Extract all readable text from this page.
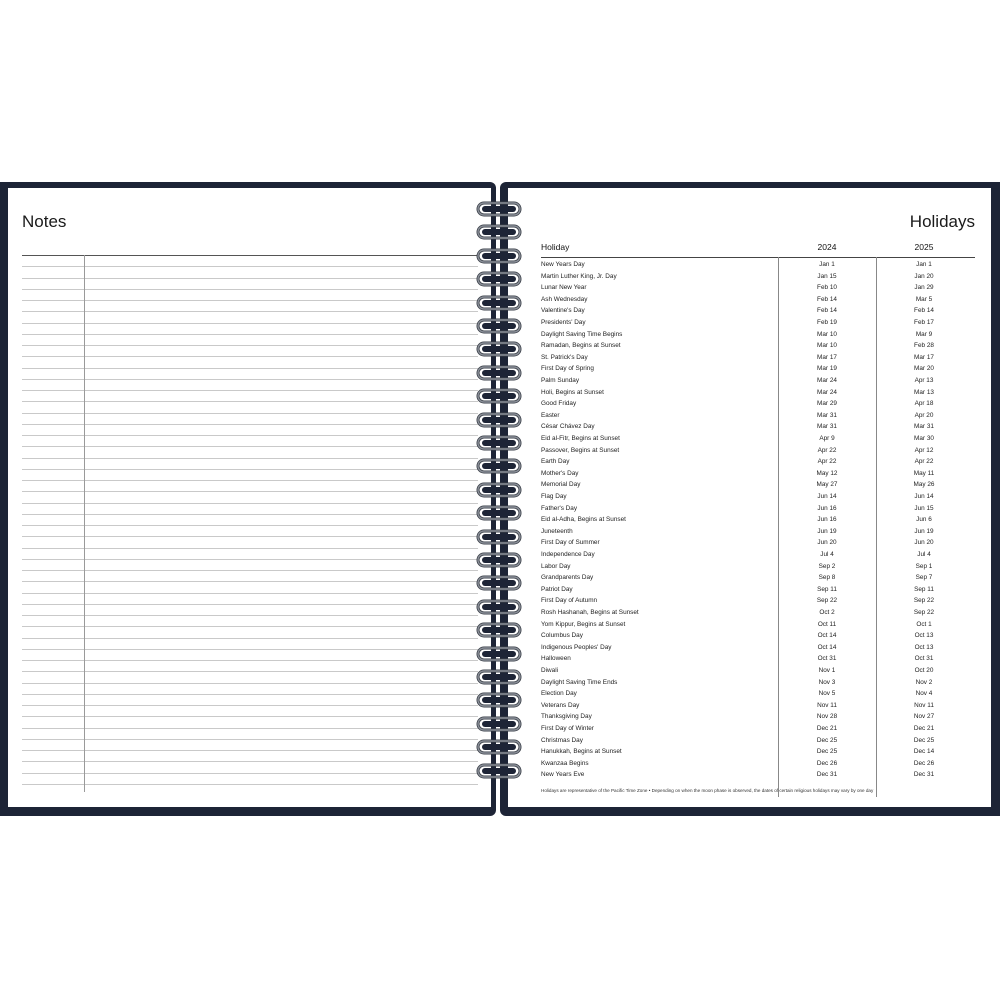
Notes	Holidays
Holiday	2024	2025
New Years Day	Jan 1	Jan 1
Martin Luther King, Jr. Day	Jan 15	Jan 20
Lunar New Year	Feb 10	Jan 29
Ash Wednesday	Feb 14	Mar 5
Valentine's Day	Feb 14	Feb 14
Presidents' Day	Feb 19	Feb 17
Daylight Saving Time Begins	Mar 10	Mar 9
Ramadan, Begins at Sunset	Mar 10	Feb 28
St. Patrick's Day	Mar 17	Mar 17
First Day of Spring	Mar 19	Mar 20
Palm Sunday	Mar 24	Apr 13
Holi, Begins at Sunset	Mar 24	Mar 13
Good Friday	Mar 29	Apr 18
Easter	Mar 31	Apr 20
César Chávez Day	Mar 31	Mar 31
Eid al-Fitr, Begins at Sunset	Apr 9	Mar 30
Passover, Begins at Sunset	Apr 22	Apr 12
Earth Day	Apr 22	Apr 22
Mother's Day	May 12	May 11
Memorial Day	May 27	May 26
Flag Day	Jun 14	Jun 14
Father's Day	Jun 16	Jun 15
Eid al-Adha, Begins at Sunset	Jun 16	Jun 6
Juneteenth	Jun 19	Jun 19
First Day of Summer	Jun 20	Jun 20
Independence Day	Jul 4	Jul 4
Labor Day	Sep 2	Sep 1
Grandparents Day	Sep 8	Sep 7
Patriot Day	Sep 11	Sep 11
First Day of Autumn	Sep 22	Sep 22
Rosh Hashanah, Begins at Sunset	Oct 2	Sep 22
Yom Kippur, Begins at Sunset	Oct 11	Oct 1
Columbus Day	Oct 14	Oct 13
Indigenous Peoples' Day	Oct 14	Oct 13
Halloween	Oct 31	Oct 31
Diwali	Nov 1	Oct 20
Daylight Saving Time Ends	Nov 3	Nov 2
Election Day	Nov 5	Nov 4
Veterans Day	Nov 11	Nov 11
Thanksgiving Day	Nov 28	Nov 27
First Day of Winter	Dec 21	Dec 21
Christmas Day	Dec 25	Dec 25
Hanukkah, Begins at Sunset	Dec 25	Dec 14
Kwanzaa Begins	Dec 26	Dec 26
New Years Eve	Dec 31	Dec 31
Holidays are representative of the Pacific Time Zone • Depending on when the moon phase is observed, the dates of certain religious holidays may vary by one day
